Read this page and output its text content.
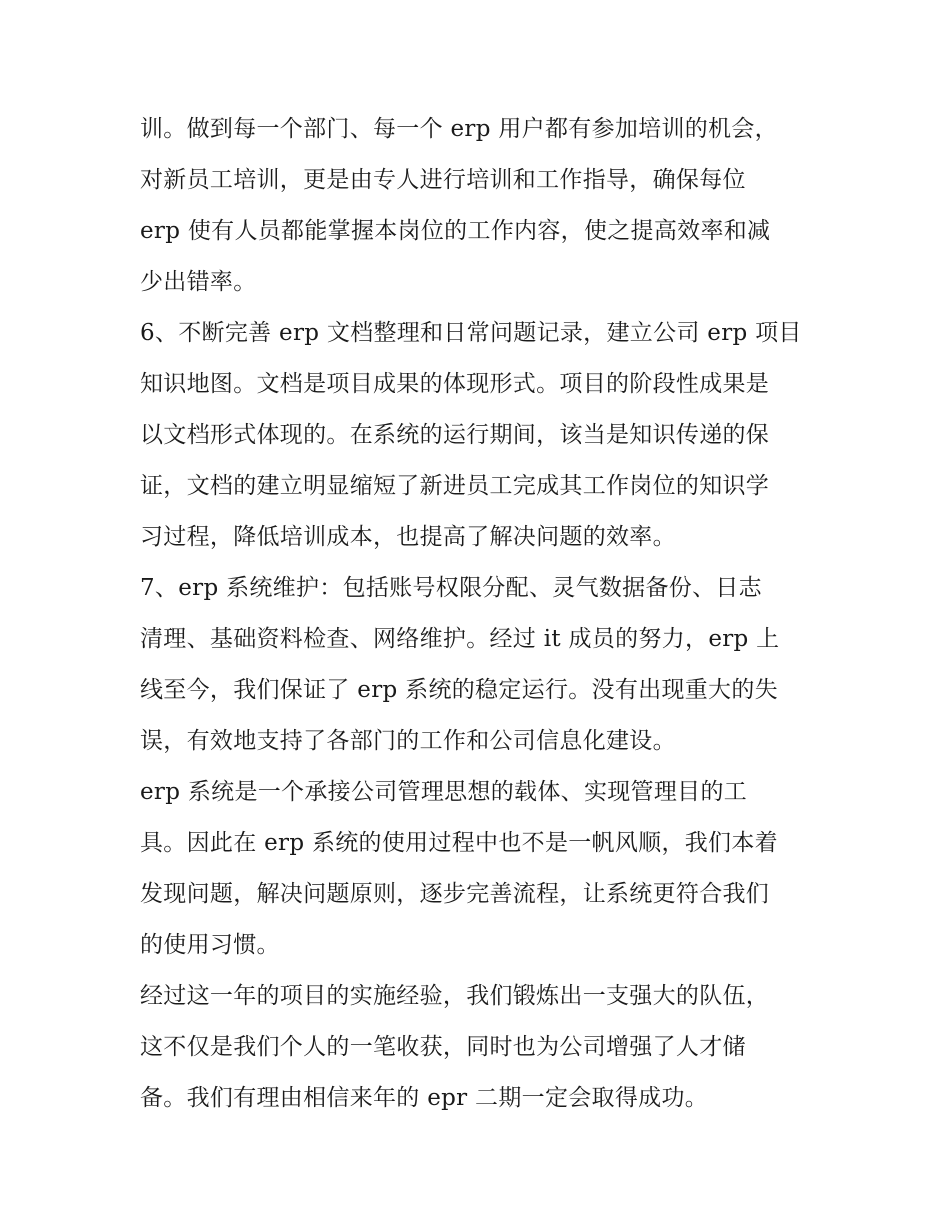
训。做到每一个部门、每一个 erp 用户都有参加培训的机会，
对新员工培训，更是由专人进行培训和工作指导，确保每位
erp 使有人员都能掌握本岗位的工作内容，使之提高效率和减
少出错率。
6、不断完善 erp 文档整理和日常问题记录，建立公司 erp 项目
知识地图。文档是项目成果的体现形式。项目的阶段性成果是
以文档形式体现的。在系统的运行期间，该当是知识传递的保
证，文档的建立明显缩短了新进员工完成其工作岗位的知识学
习过程，降低培训成本，也提高了解决问题的效率。
7、erp 系统维护：包括账号权限分配、灵气数据备份、日志
清理、基础资料检查、网络维护。经过 it 成员的努力，erp 上
线至今，我们保证了 erp 系统的稳定运行。没有出现重大的失
误，有效地支持了各部门的工作和公司信息化建设。
erp 系统是一个承接公司管理思想的载体、实现管理目的工
具。因此在 erp 系统的使用过程中也不是一帆风顺，我们本着
发现问题，解决问题原则，逐步完善流程，让系统更符合我们
的使用习惯。
经过这一年的项目的实施经验，我们锻炼出一支强大的队伍，
这不仅是我们个人的一笔收获，同时也为公司增强了人才储
备。我们有理由相信来年的 epr 二期一定会取得成功。
